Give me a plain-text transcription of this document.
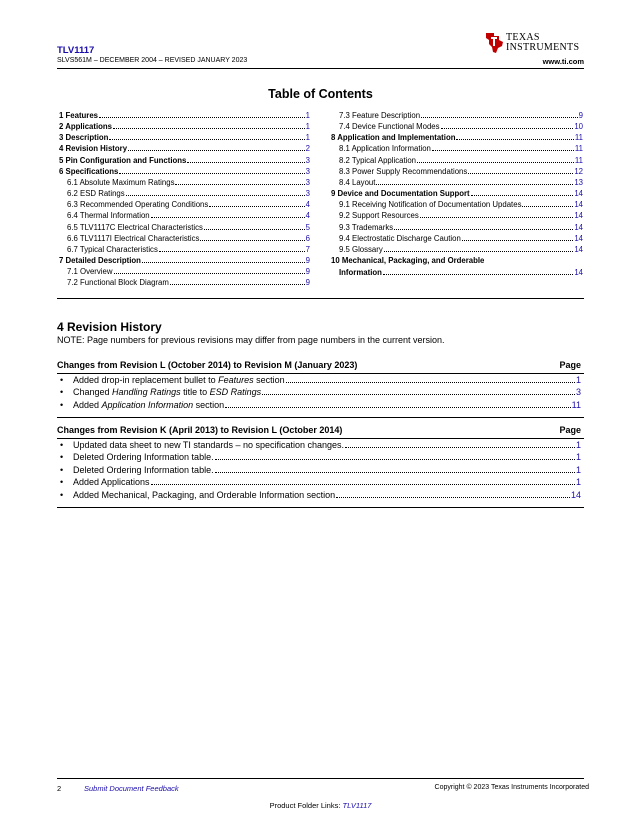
TLV1117
SLVS561M – DECEMBER 2004 – REVISED JANUARY 2023	www.ti.com
TEXAS
INSTRUMENTS
Table of Contents
1 Features	1
2 Applications	1
3 Description	1
4 Revision History	2
5 Pin Configuration and Functions	3
6 Specifications	3
6.1 Absolute Maximum Ratings	3
6.2 ESD Ratings	3
6.3 Recommended Operating Conditions	4
6.4 Thermal Information	4
6.5 TLV1117C Electrical Characteristics	5
6.6 TLV1117I Electrical Characteristics	6
6.7 Typical Characteristics	7
7 Detailed Description	9
7.1 Overview	9
7.2 Functional Block Diagram	9
7.3 Feature Description	9
7.4 Device Functional Modes	10
8 Application and Implementation	11
8.1 Application Information	11
8.2 Typical Application	11
8.3 Power Supply Recommendations	12
8.4 Layout	13
9 Device and Documentation Support	14
9.1 Receiving Notification of Documentation Updates	14
9.2 Support Resources	14
9.3 Trademarks	14
9.4 Electrostatic Discharge Caution	14
9.5 Glossary	14
10 Mechanical, Packaging, and Orderable
Information	14
4 Revision History
NOTE: Page numbers for previous revisions may differ from page numbers in the current version.
Changes from Revision L (October 2014) to Revision M (January 2023)	Page
•	Added drop-in replacement bullet to Features section	1
•	Changed Handling Ratings title to ESD Ratings	3
•	Added Application Information section	11
Changes from Revision K (April 2013) to Revision L (October 2014)	Page
•	Updated data sheet to new TI standards – no specification changes.	1
•	Deleted Ordering Information table.	1
•	Deleted Ordering Information table.	1
•	Added Applications	1
•	Added Mechanical, Packaging, and Orderable Information section	14
2	Submit Document Feedback	Copyright © 2023 Texas Instruments Incorporated
Product Folder Links: TLV1117
